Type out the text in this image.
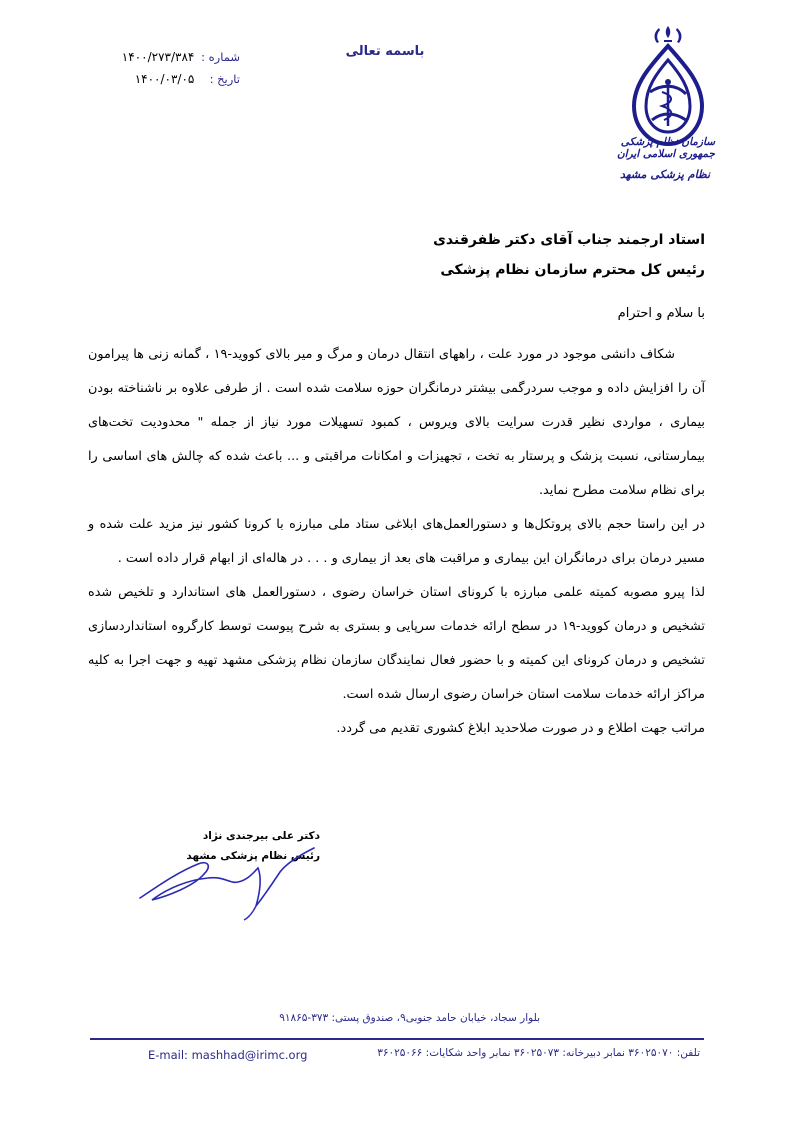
باسمه تعالی
شماره : ۱۴۰۰/۲۷۳/۳۸۴
تاریخ : ۱۴۰۰/۰۳/۰۵
سازمان نظام پزشکی جمهوری اسلامی ایران
نظام پزشکی مشهد
استاد ارجمند جناب آقای دکتر ظفرقندی
رئیس کل محترم سازمان نظام پزشکی
با سلام و احترام

شکاف دانشی موجود در مورد علت ، راههای انتقال درمان و مرگ و میر بالای کووید-۱۹ ، گمانه زنی ها پیرامون آن را افزایش داده و موجب سردرگمی بیشتر درمانگران حوزه سلامت شده است . از طرفی علاوه بر ناشناخته بودن بیماری ، مواردی نظیر قدرت سرایت بالای ویروس ، کمبود تسهیلات مورد نیاز از جمله " محدودیت تخت‌های بیمارستانی، نسبت پزشک و پرستار به تخت ، تجهیزات و امکانات مراقبتی و ... باعث شده که چالش های اساسی را برای نظام سلامت مطرح نماید.

در این راستا حجم بالای پروتکل‌ها و دستورالعمل‌های ابلاغی ستاد ملی مبارزه با کرونا کشور نیز مزید علت شده و مسیر درمان برای درمانگران این بیماری و مراقبت های بعد از بیماری و . . . در هاله‌ای از ابهام قرار داده است .

لذا پیرو مصوبه کمیته علمی مبارزه با کرونای استان خراسان رضوی ، دستورالعمل های استاندارد و تلخیص شده تشخیص و درمان کووید-۱۹ در سطح ارائه خدمات سرپایی و بستری به شرح پیوست توسط کارگروه استانداردسازی تشخیص و درمان کرونای این کمیته و با حضور فعال نمایندگان سازمان نظام پزشکی مشهد تهیه و جهت اجرا به کلیه مراکز ارائه خدمات سلامت استان خراسان رضوی ارسال شده است.

مراتب جهت اطلاع و در صورت صلاحدید ابلاغ کشوری تقدیم می گردد.

دکتر علی بیرجندی نژاد
رئیس نظام پزشکی مشهد
بلوار سجاد، خیابان حامد جنوبی۹، صندوق پستی: ۳۷۳-۹۱۸۶۵
تلفن: ۳۶۰۲۵۰۷۰ نمابر دبیرخانه: ۳۶۰۲۵۰۷۳ نمابر واحد شکایات: ۳۶۰۲۵۰۶۶
E-mail: mashhad@irimc.org
